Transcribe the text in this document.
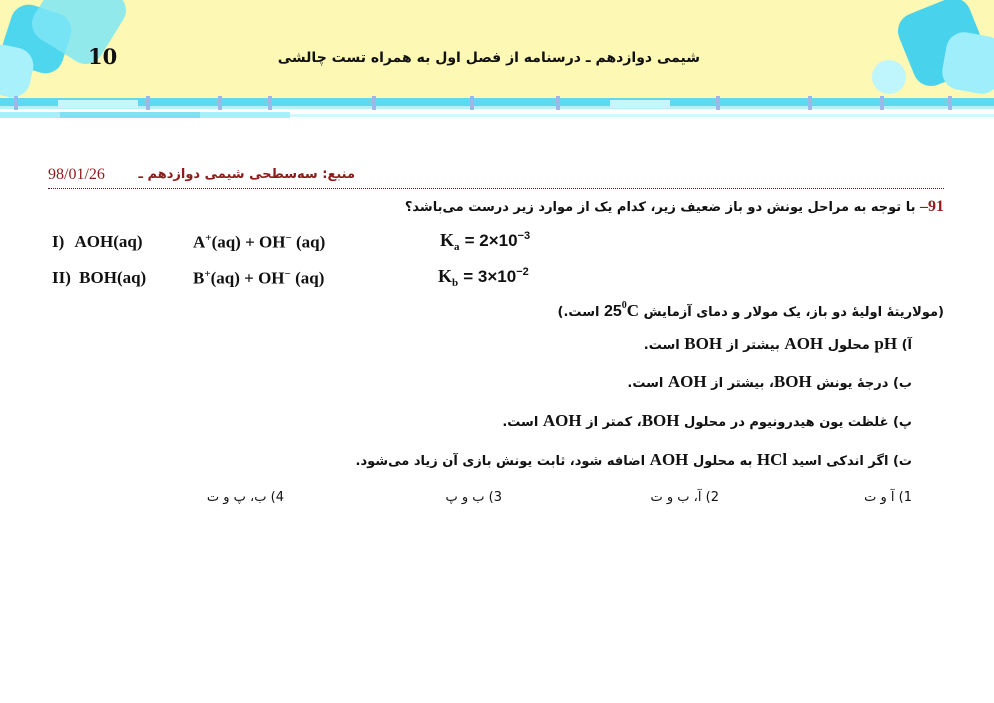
10	شیمی دوازدهم ـ درسنامه از فصل اول به همراه تست چالشی
98/01/26	منبع: سه‌سطحی شیمی دوازدهم ـ
91– با توجه به مراحل یونش دو باز ضعیف زیر، کدام یک از موارد زیر درست می‌باشد؟
I) AOH(aq)	A+(aq) + OH− (aq)	$K_a = 2\times 10^{-3}$
II) BOH(aq)	B+(aq) + OH− (aq)	$K_b = 3\times 10^{-2}$
(مولاریتهٔ اولیهٔ دو باز، یک مولار و دمای آزمایش $25^0C$ است.)
آ) pH محلول AOH بیشتر از BOH است.
ب) درجهٔ یونش BOH، بیشتر از AOH است.
پ) غلظت یون هیدرونیوم در محلول BOH، کمتر از AOH است.
ت) اگر اندکی اسید HCl به محلول AOH اضافه شود، ثابت یونش بازی آن زیاد می‌شود.
1) آ و ت
2) آ، ب و ت
3) ب و پ
4) ب، پ و ت
